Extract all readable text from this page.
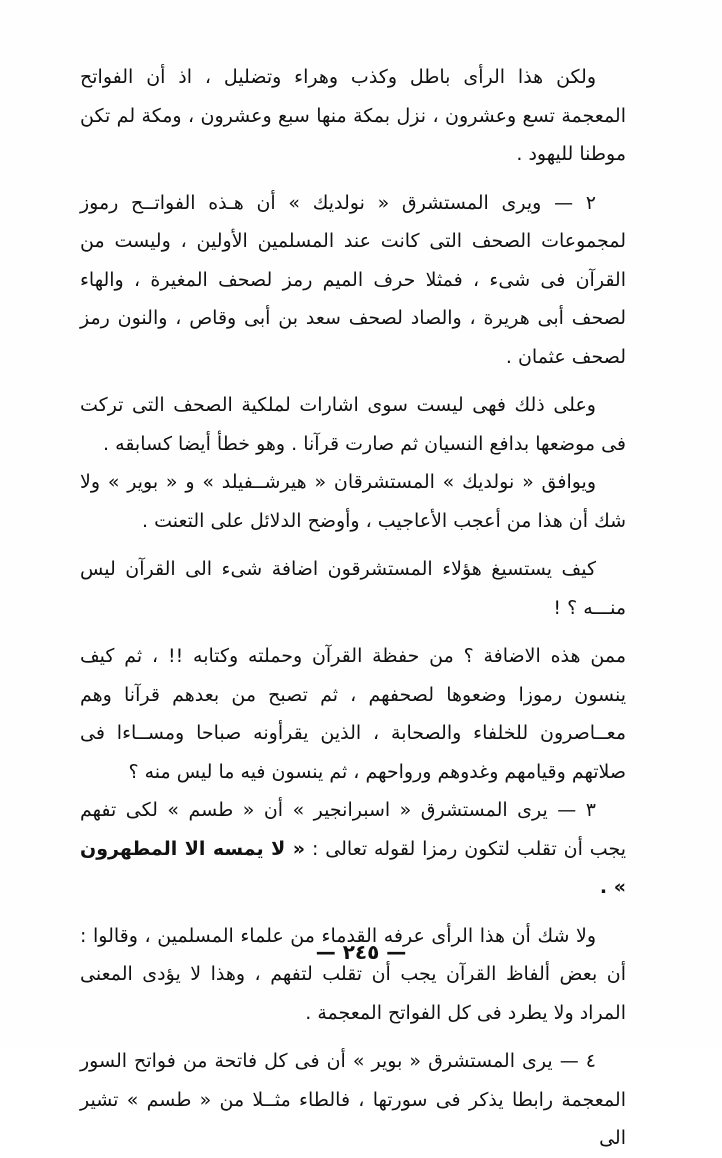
ولكن هذا الرأى باطل وكذب وهراء وتضليل ، اذ أن الفواتح المعجمة تسع وعشرون ، نزل بمكة منها سبع وعشرون ، ومكة لم تكن موطنا لليهود .

٢ — ويرى المستشرق « نولديك » أن هـذه الفواتــح رموز لمجموعات الصحف التى كانت عند المسلمين الأولين ، وليست من القرآن فى شىء ، فمثلا حرف الميم رمز لصحف المغيرة ، والهاء لصحف أبى هريرة ، والصاد لصحف سعد بن أبى وقاص ، والنون رمز لصحف عثمان .

وعلى ذلك فهى ليست سوى اشارات لملكية الصحف التى تركت فى موضعها بدافع النسيان ثم صارت قرآنا . وهو خطأ أيضا كسابقه .

ويوافق « نولديك » المستشرقان « هيرشــفيلد » و « بوير » ولا شك أن هذا من أعجب الأعاجيب ، وأوضح الدلائل على التعنت .

كيف يستسيغ هؤلاء المستشرقون اضافة شىء الى القرآن ليس منـــه ؟ !

ممن هذه الاضافة ؟ من حفظة القرآن وحملته وكتابه !! ، ثم كيف ينسون رموزا وضعوها لصحفهم ، ثم تصبح من بعدهم قرآنا وهم معــاصرون للخلفاء والصحابة ، الذين يقرأونه صباحا ومســاءا فى صلاتهم وقيامهم وغدوهم ورواحهم ، ثم ينسون فيه ما ليس منه ؟

٣ — يرى المستشرق « اسبرانجير » أن « طسم » لكى تفهم يجب أن تقلب لتكون رمزا لقوله تعالى : « لا يمسه الا المطهرون » .

ولا شك أن هذا الرأى عرفه القدماء من علماء المسلمين ، وقالوا : أن بعض ألفاظ القرآن يجب أن تقلب لتفهم ، وهذا لا يؤدى المعنى المراد ولا يطرد فى كل الفواتح المعجمة .

٤ — يرى المستشرق « بوير » أن فى كل فاتحة من فواتح السور المعجمة رابطا يذكر فى سورتها ، فالطاء مثــلا من « طسم » تشير الى

— ٢٤٥ —
